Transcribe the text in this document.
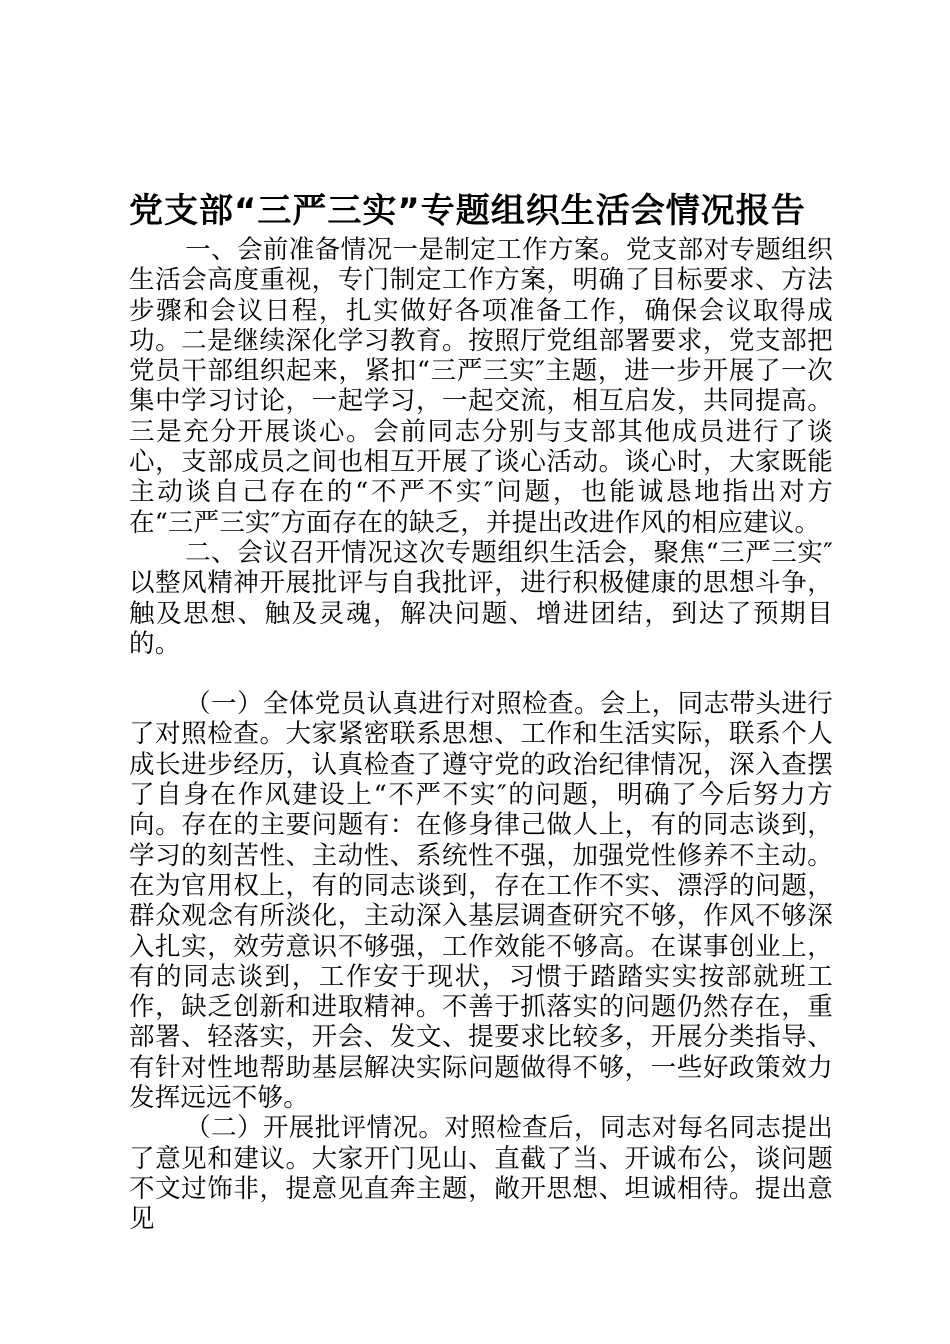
党支部“三严三实”专题组织生活会情况报告

一、会前准备情况一是制定工作方案。党支部对专题组织生活会高度重视，专门制定工作方案，明确了目标要求、方法步骤和会议日程，扎实做好各项准备工作，确保会议取得成功。二是继续深化学习教育。按照厅党组部署要求，党支部把党员干部组织起来，紧扣“三严三实″主题，进一步开展了一次集中学习讨论，一起学习，一起交流，相互启发，共同提高。三是充分开展谈心。会前同志分别与支部其他成员进行了谈心，支部成员之间也相互开展了谈心活动。谈心时，大家既能主动谈自己存在的“不严不实″问题，也能诚恳地指出对方在“三严三实″方面存在的缺乏，并提出改进作风的相应建议。

二、会议召开情况这次专题组织生活会，聚焦“三严三实″以整风精神开展批评与自我批评，进行积极健康的思想斗争，触及思想、触及灵魂，解决问题、增进团结，到达了预期目的。

（一）全体党员认真进行对照检查。会上，同志带头进行了对照检查。大家紧密联系思想、工作和生活实际，联系个人成长进步经历，认真检查了遵守党的政治纪律情况，深入查摆了自身在作风建设上“不严不实″的问题，明确了今后努力方向。存在的主要问题有：在修身律己做人上，有的同志谈到，学习的刻苦性、主动性、系统性不强，加强党性修养不主动。在为官用权上，有的同志谈到，存在工作不实、漂浮的问题，群众观念有所淡化，主动深入基层调查研究不够，作风不够深入扎实，效劳意识不够强，工作效能不够高。在谋事创业上，有的同志谈到，工作安于现状，习惯于踏踏实实按部就班工作，缺乏创新和进取精神。不善于抓落实的问题仍然存在，重部署、轻落实，开会、发文、提要求比较多，开展分类指导、有针对性地帮助基层解决实际问题做得不够，一些好政策效力发挥远远不够。

（二）开展批评情况。对照检查后，同志对每名同志提出了意见和建议。大家开门见山、直截了当、开诚布公，谈问题不文过饰非，提意见直奔主题，敞开思想、坦诚相待。提出意见
